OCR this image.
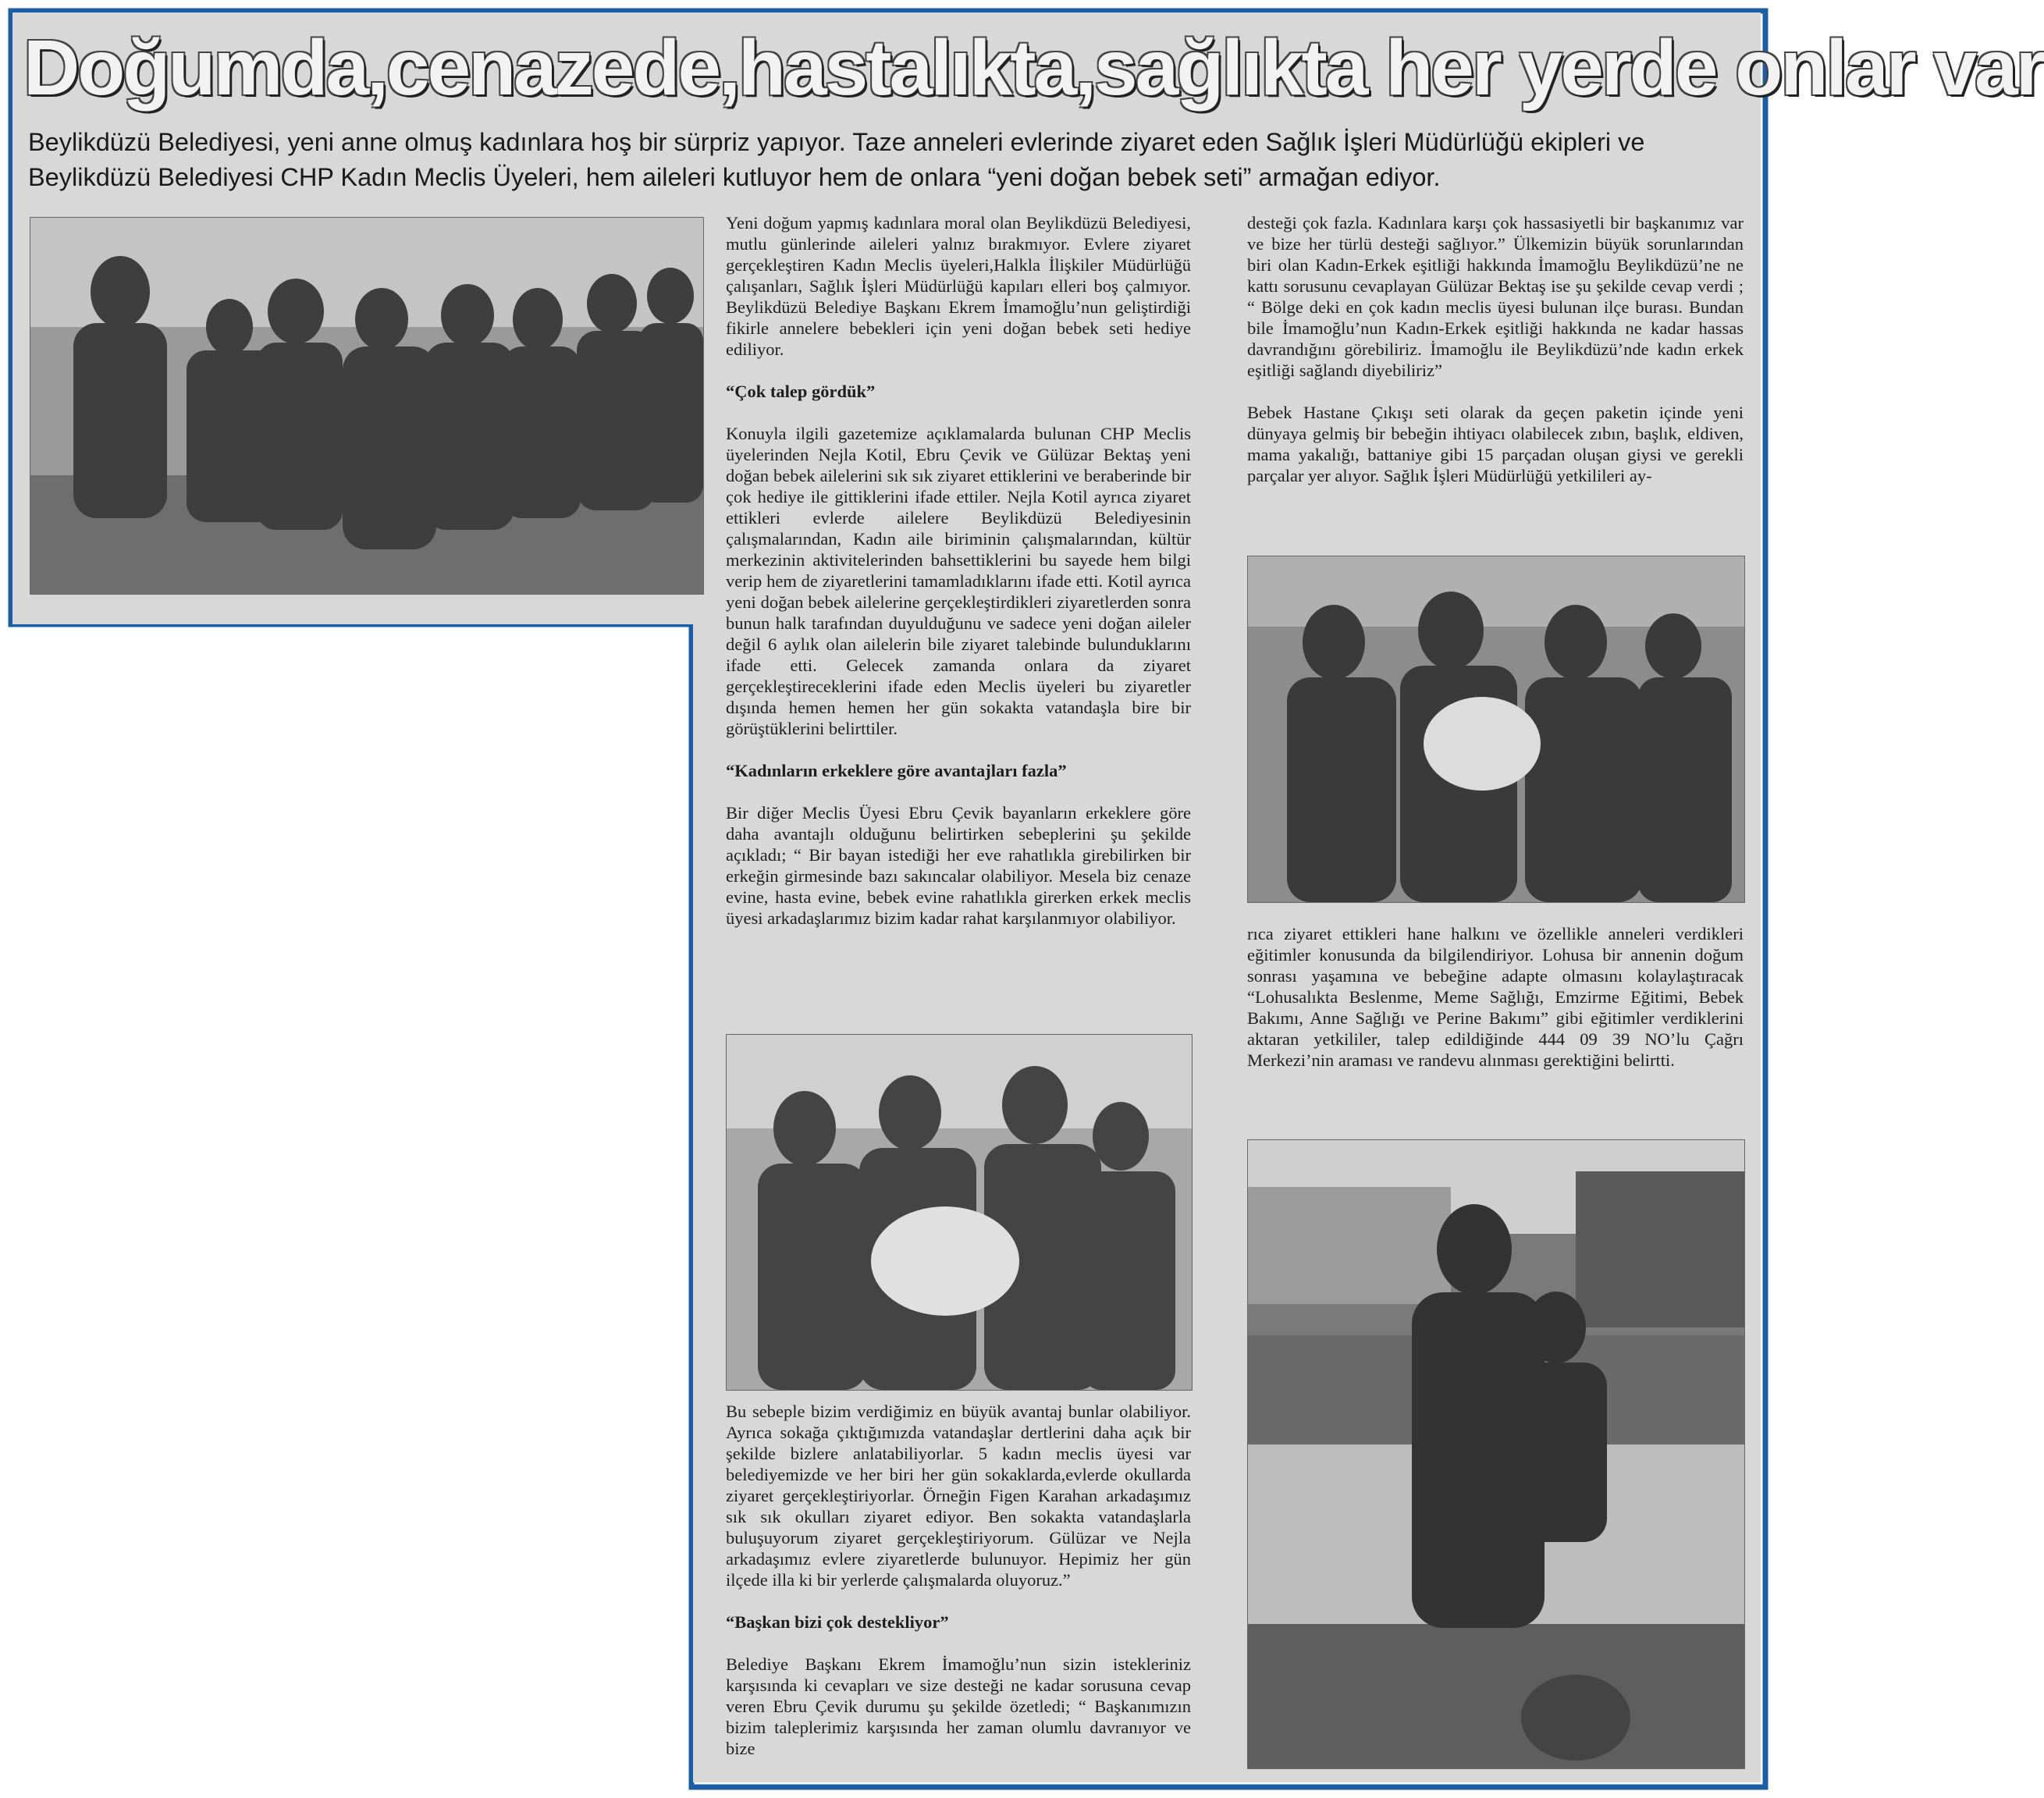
Doğumda,cenazede,hastalıkta,sağlıkta her yerde onlar var
Beylikdüzü Belediyesi, yeni anne olmuş kadınlara hoş bir sürpriz yapıyor. Taze anneleri evlerinde ziyaret eden Sağlık İşleri Müdürlüğü ekipleri ve Beylikdüzü Belediyesi CHP Kadın Meclis Üyeleri, hem aileleri kutluyor hem de onlara “yeni doğan bebek seti” armağan ediyor.

Yeni doğum yapmış kadınlara moral olan Beylikdüzü Belediyesi, mutlu günlerinde aileleri yalnız bırakmıyor. Evlere ziyaret gerçekleştiren Kadın Meclis üyeleri,Halkla İlişkiler Müdürlüğü çalışanları, Sağlık İşleri Müdürlüğü kapıları elleri boş çalmıyor. Beylikdüzü Belediye Başkanı Ekrem İmamoğlu’nun geliştirdiği fikirle annelere bebekleri için yeni doğan bebek seti hediye ediliyor.

“Çok talep gördük”

Konuyla ilgili gazetemize açıklamalarda bulunan CHP Meclis üyelerinden Nejla Kotil, Ebru Çevik ve Gülüzar Bektaş yeni doğan bebek ailelerini sık sık ziyaret ettiklerini ve beraberinde bir çok hediye ile gittiklerini ifade ettiler. Nejla Kotil ayrıca ziyaret ettikleri evlerde ailelere Beylikdüzü Belediyesinin çalışmalarından, Kadın aile biriminin çalışmalarından, kültür merkezinin aktivitelerinden bahsettiklerini bu sayede hem bilgi verip hem de ziyaretlerini tamamladıklarını ifade etti. Kotil ayrıca yeni doğan bebek ailelerine gerçekleştirdikleri ziyaretlerden sonra bunun halk tarafından duyulduğunu ve sadece yeni doğan aileler değil 6 aylık olan ailelerin bile ziyaret talebinde bulunduklarını ifade etti. Gelecek zamanda onlara da ziyaret gerçekleştireceklerini ifade eden Meclis üyeleri bu ziyaretler dışında hemen hemen her gün sokakta vatandaşla bire bir görüştüklerini belirttiler.

“Kadınların erkeklere göre avantajları fazla”

Bir diğer Meclis Üyesi Ebru Çevik bayanların erkeklere göre daha avantajlı olduğunu belirtirken sebeplerini şu şekilde açıkladı; “ Bir bayan istediği her eve rahatlıkla girebilirken bir erkeğin girmesinde bazı sakıncalar olabiliyor. Mesela biz cenaze evine, hasta evine, bebek evine rahatlıkla girerken erkek meclis üyesi arkadaşlarımız bizim kadar rahat karşılanmıyor olabiliyor.

Bu sebeple bizim verdiğimiz en büyük avantaj bunlar olabiliyor. Ayrıca sokağa çıktığımızda vatandaşlar dertlerini daha açık bir şekilde bizlere anlatabiliyorlar. 5 kadın meclis üyesi var belediyemizde ve her biri her gün sokaklarda,evlerde okullarda ziyaret gerçekleştiriyorlar. Örneğin Figen Karahan arkadaşımız sık sık okulları ziyaret ediyor. Ben sokakta vatandaşlarla buluşuyorum ziyaret gerçekleştiriyorum. Gülüzar ve Nejla arkadaşımız evlere ziyaretlerde bulunuyor. Hepimiz her gün ilçede illa ki bir yerlerde çalışmalarda oluyoruz.”

“Başkan bizi çok destekliyor”

Belediye Başkanı Ekrem İmamoğlu’nun sizin istekleriniz karşısında ki cevapları ve size desteği ne kadar sorusuna cevap veren Ebru Çevik durumu şu şekilde özetledi; “ Başkanımızın bizim taleplerimiz karşısında her zaman olumlu davranıyor ve bize

desteği çok fazla. Kadınlara karşı çok hassasiyetli bir başkanımız var ve bize her türlü desteği sağlıyor.” Ülkemizin büyük sorunlarından biri olan Kadın-Erkek eşitliği hakkında İmamoğlu Beylikdüzü’ne ne kattı sorusunu cevaplayan Gülüzar Bektaş ise şu şekilde cevap verdi ; “ Bölge deki en çok kadın meclis üyesi bulunan ilçe burası. Bundan bile İmamoğlu’nun Kadın-Erkek eşitliği hakkında ne kadar hassas davrandığını görebiliriz. İmamoğlu ile Beylikdüzü’nde kadın erkek eşitliği sağlandı diyebiliriz”

Bebek Hastane Çıkışı seti olarak da geçen paketin içinde yeni dünyaya gelmiş bir bebeğin ihtiyacı olabilecek zıbın, başlık, eldiven, mama yakalığı, battaniye gibi 15 parçadan oluşan giysi ve gerekli parçalar yer alıyor. Sağlık İşleri Müdürlüğü yetkilileri ay-

rıca ziyaret ettikleri hane halkını ve özellikle anneleri verdikleri eğitimler konusunda da bilgilendiriyor. Lohusa bir annenin doğum sonrası yaşamına ve bebeğine adapte olmasını kolaylaştıracak “Lohusalıkta Beslenme, Meme Sağlığı, Emzirme Eğitimi, Bebek Bakımı, Anne Sağlığı ve Perine Bakımı” gibi eğitimler verdiklerini aktaran yetkililer, talep edildiğinde 444 09 39 NO’lu Çağrı Merkezi’nin araması ve randevu alınması gerektiğini belirtti.
